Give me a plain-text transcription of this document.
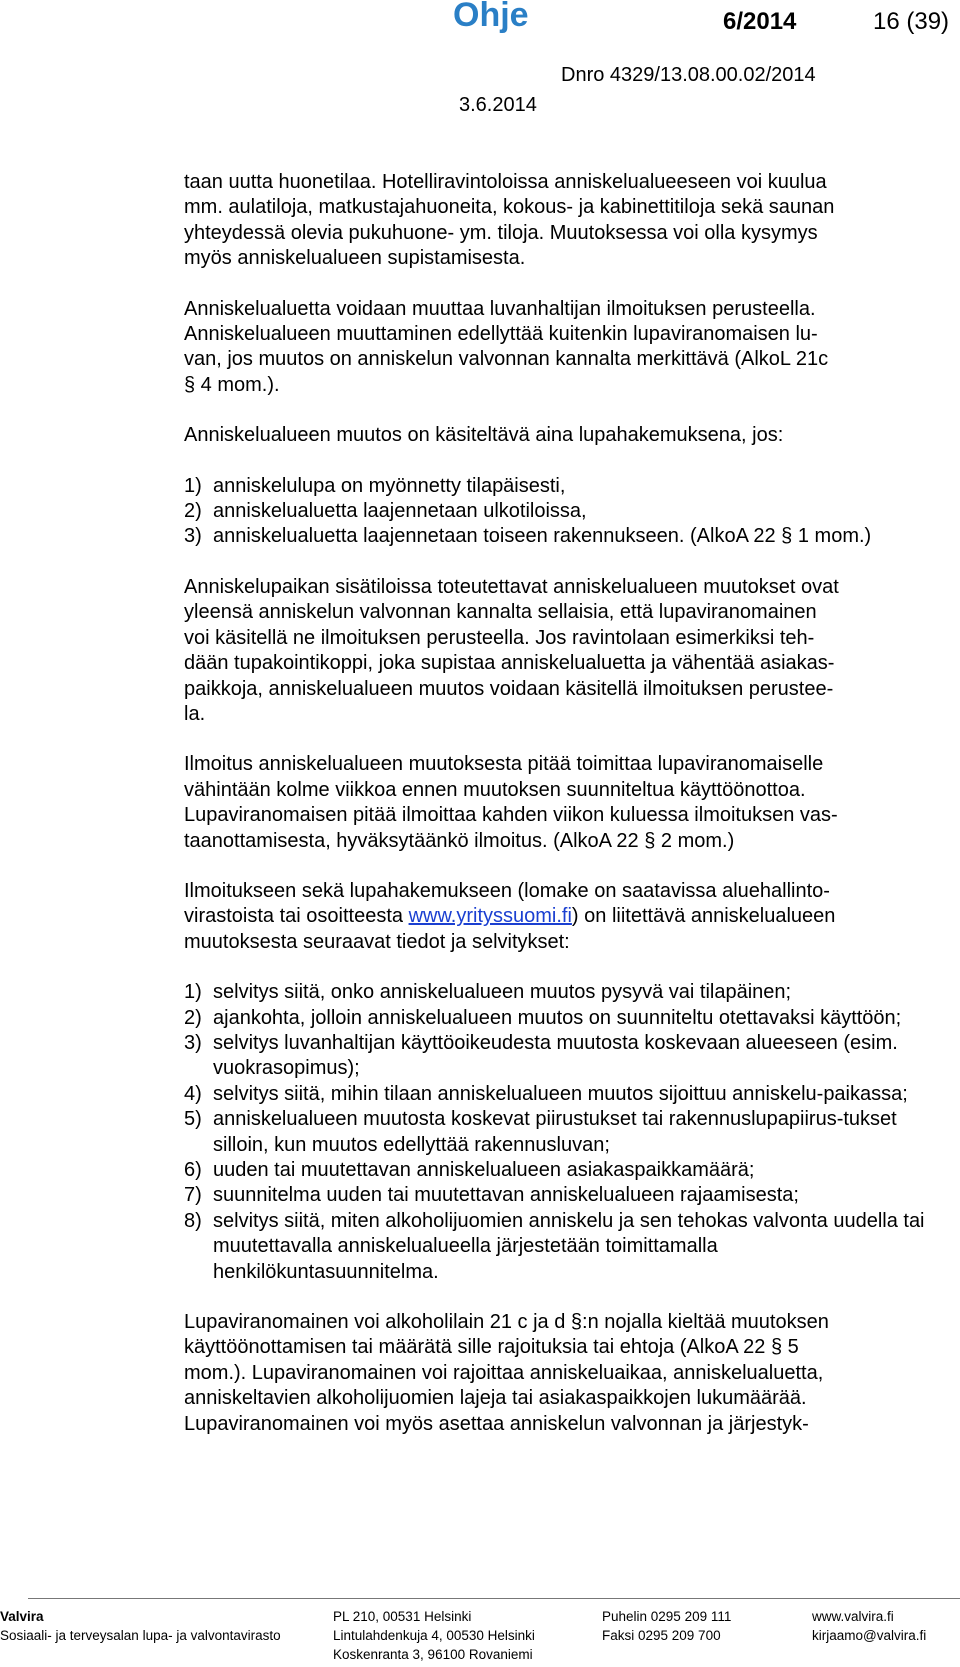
Ohje	6/2014	16 (39)
Dnro 4329/13.08.00.02/2014
3.6.2014
taan uutta huonetilaa. Hotelliravintoloissa anniskelualueeseen voi kuulua
mm. aulatiloja, matkustajahuoneita, kokous- ja kabinettitiloja sekä saunan
yhteydessä olevia pukuhuone- ym. tiloja. Muutoksessa voi olla kysymys
myös anniskelualueen supistamisesta.
Anniskelualuetta voidaan muuttaa luvanhaltijan ilmoituksen perusteella.
Anniskelualueen muuttaminen edellyttää kuitenkin lupaviranomaisen lu-
van, jos muutos on anniskelun valvonnan kannalta merkittävä (AlkoL 21c
§ 4 mom.).
Anniskelualueen muutos on käsiteltävä aina lupahakemuksena, jos:
1) anniskelulupa on myönnetty tilapäisesti,
2) anniskelualuetta laajennetaan ulkotiloissa,
3) anniskelualuetta laajennetaan toiseen rakennukseen. (AlkoA 22 § 1 mom.)
Anniskelupaikan sisätiloissa toteutettavat anniskelualueen muutokset ovat
yleensä anniskelun valvonnan kannalta sellaisia, että lupaviranomainen
voi käsitellä ne ilmoituksen perusteella. Jos ravintolaan esimerkiksi teh-
dään tupakointikoppi, joka supistaa anniskelualuetta ja vähentää asiakas-
paikkoja, anniskelualueen muutos voidaan käsitellä ilmoituksen perustee-
la.
Ilmoitus anniskelualueen muutoksesta pitää toimittaa lupaviranomaiselle
vähintään kolme viikkoa ennen muutoksen suunniteltua käyttöönottoa.
Lupaviranomaisen pitää ilmoittaa kahden viikon kuluessa ilmoituksen vas-
taanottamisesta, hyväksytäänkö ilmoitus. (AlkoA 22 § 2 mom.)
Ilmoitukseen sekä lupahakemukseen (lomake on saatavissa aluehallinto-
virastoista tai osoitteesta www.yrityssuomi.fi) on liitettävä anniskelualueen
muutoksesta seuraavat tiedot ja selvitykset:
1) selvitys siitä, onko anniskelualueen muutos pysyvä vai tilapäinen;
2) ajankohta, jolloin anniskelualueen muutos on suunniteltu otettavaksi käyttöön;
3) selvitys luvanhaltijan käyttöoikeudesta muutosta koskevaan alueeseen (esim. vuokrasopimus);
4) selvitys siitä, mihin tilaan anniskelualueen muutos sijoittuu anniskelu-paikassa;
5) anniskelualueen muutosta koskevat piirustukset tai rakennuslupapiirus-tukset silloin, kun muutos edellyttää rakennusluvan;
6) uuden tai muutettavan anniskelualueen asiakaspaikkamäärä;
7) suunnitelma uuden tai muutettavan anniskelualueen rajaamisesta;
8) selvitys siitä, miten alkoholijuomien anniskelu ja sen tehokas valvonta uudella tai muutettavalla anniskelualueella järjestetään toimittamalla henkilökuntasuunnitelma.
Lupaviranomainen voi alkoholilain 21 c ja d §:n nojalla kieltää muutoksen
käyttöönottamisen tai määrätä sille rajoituksia tai ehtoja (AlkoA 22 § 5
mom.). Lupaviranomainen voi rajoittaa anniskeluaikaa, anniskelualuetta,
anniskeltavien alkoholijuomien lajeja tai asiakaspaikkojen lukumäärää.
Lupaviranomainen voi myös asettaa anniskelun valvonnan ja järjestyk-
Valvira
Sosiaali- ja terveysalan lupa- ja valvontavirasto
PL 210, 00531 Helsinki
Lintulahdenkuja 4, 00530 Helsinki
Koskenranta 3, 96100 Rovaniemi
Puhelin 0295 209 111
Faksi 0295 209 700
www.valvira.fi
kirjaamo@valvira.fi
